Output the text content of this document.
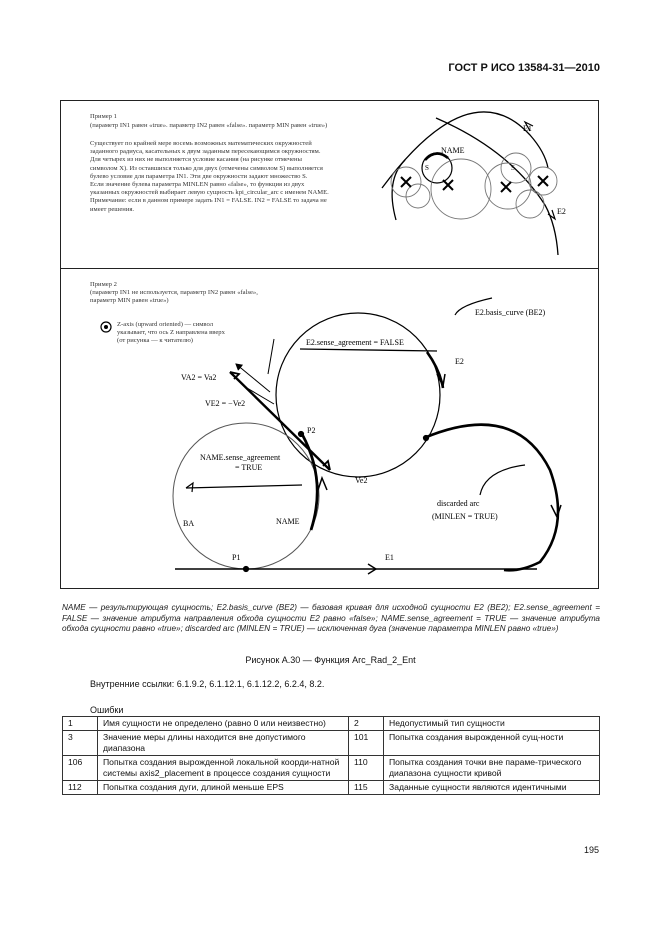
ГОСТ Р ИСО 13584-31—2010
Пример 1
(параметр IN1 равен «true». параметр IN2 равен «false». параметр MIN равен «true»)
Существует по крайней мере восемь возможных математических окружностей
заданного радиуса, касательных к двум заданным пересекающимся окружностям.
Для четырех из них не выполняется условие касания (на рисунке отмечены
символом X). Из оставшихся только для двух (отмечены символом S) выполняется
булево условие для параметра IN1. Эти две окружности задают множество S.
Если значение булева параметра MINLEN равно «false», то функция из двух
указанных окружностей выбирает левую сущность kpi_circular_arc с именем NAME.
Примечание: если в данном примере задать IN1 = FALSE. IN2 = FALSE то задача не
имеет решения.
Пример 2
(параметр IN1 не используется, параметр IN2 равен «false»,
параметр MIN равен «true»)
Z-axis (upward oriented) — символ
указывает, что ось Z направлена вверх
(от рисунка — к читателю)
NAME
E1
E2
S	S
E2.basis_curve (BE2)
E2.sense_agreement = FALSE
E2
VA2 = Va2
VE2 = −Ve2
P2
NAME.sense_agreement
= TRUE
Ve2
discarded arc
(MINLEN = TRUE)
BA	NAME
P1	E1
NAME — результирующая сущность; E2.basis_curve (BE2) — базовая кривая для исходной сущности E2 (BE2); E2.sense_agreement = FALSE — значение атрибута направления обхода сущности E2 равно «false»; NAME.sense_agreement = TRUE — значение атрибута обхода сущности равно «true»; discarded arc (MINLEN = TRUE) — исключенная дуга (значение параметра MINLEN равно «true»)
Рисунок А.30 — Функция Arc_Rad_2_Ent
Внутренние ссылки: 6.1.9.2, 6.1.12.1, 6.1.12.2, 6.2.4, 8.2.
Ошибки
1	Имя сущности не определено (равно 0 или неизвестно)	2	Недопустимый тип сущности
3	Значение меры длины находится вне допустимого диапазона	101	Попытка создания вырожденной сущ-ности
106	Попытка создания вырожденной локальной коорди-натной системы axis2_placement в процессе создания сущности	110	Попытка создания точки вне параме-трического диапазона сущности кривой
112	Попытка создания дуги, длиной меньше EPS	115	Заданные сущности являются идентичными
195
